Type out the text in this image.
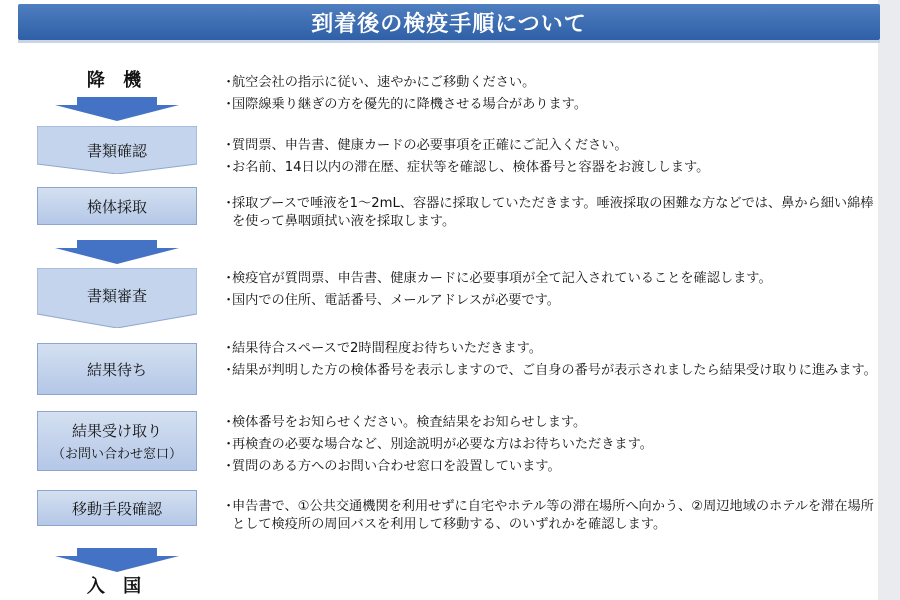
到着後の検疫手順について
降 機	・
航空会社の指示に従い、速やかにご移動ください。
・
国際線乗り継ぎの方を優先的に降機させる場合があります。
書類確認	・
質問票、申告書、健康カードの必要事項を正確にご記入ください。
・
お名前、14日以内の滞在歴、症状等を確認し、検体番号と容器をお渡しします。
検体採取	・
採取ブースで唾液を1～2mL、容器に採取していただきます。唾液採取の困難な方などでは、鼻から細い綿棒を使って鼻咽頭拭い液を採取します。
書類審査
・
検疫官が質問票、申告書、健康カードに必要事項が全て記入されていることを確認します。
・
国内での住所、電話番号、メールアドレスが必要です。
結果待ち
・
結果待合スペースで2時間程度お待ちいただきます。
・
結果が判明した方の検体番号を表示しますので、ご自身の番号が表示されましたら結果受け取りに進みます。
結果受け取り
（お問い合わせ窓口）
・
検体番号をお知らせください。検査結果をお知らせします。
・
再検査の必要な場合など、別途説明が必要な方はお待ちいただきます。
・
質問のある方へのお問い合わせ窓口を設置しています。
移動手段確認	・
申告書で、①公共交通機関を利用せずに自宅やホテル等の滞在場所へ向かう、②周辺地域のホテルを滞在場所として検疫所の周回バスを利用して移動する、のいずれかを確認します。
入 国
